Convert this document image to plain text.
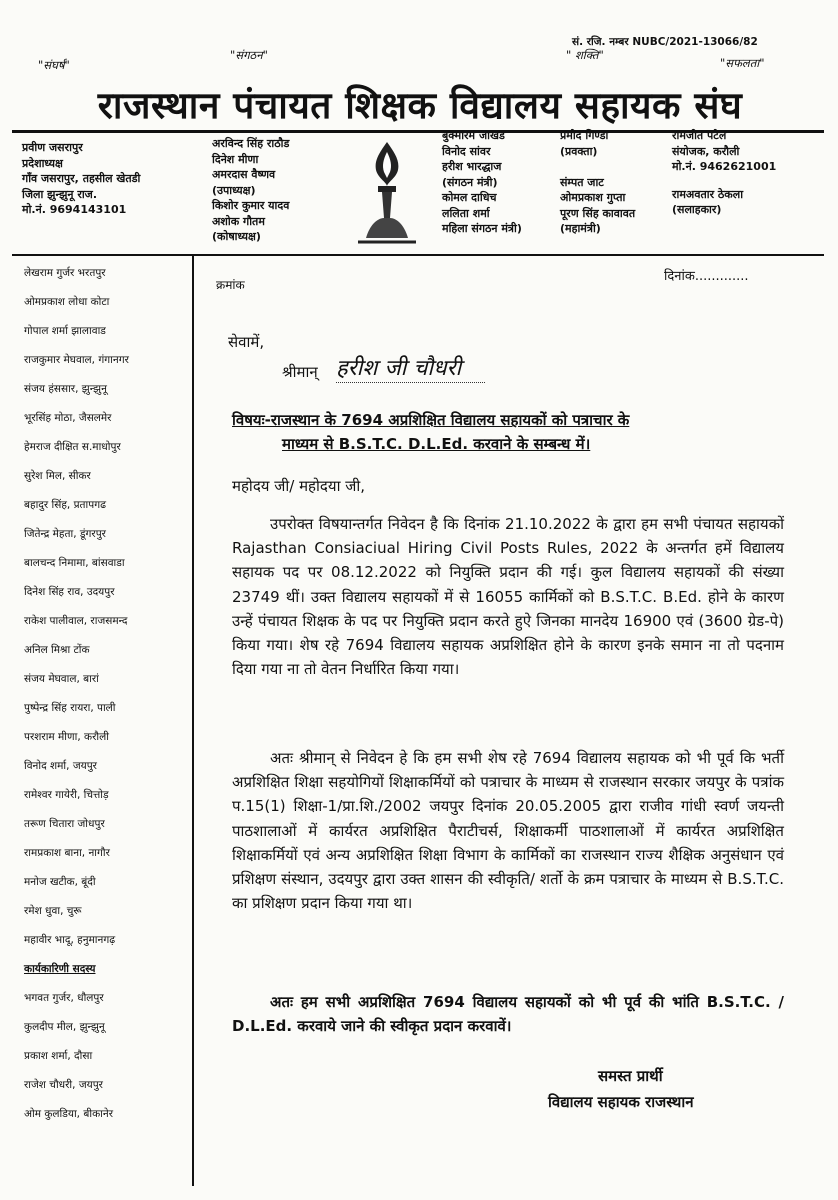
सं. रजि. नम्बर NUBC/2021-13066/82
"संघर्ष"
"संगठन"	" शक्ति"
"सफलता"
राजस्थान पंचायत शिक्षक विद्यालय सहायक संघ
प्रवीण जसरापुर
प्रदेशाध्यक्ष
गाँव जसरापुर, तहसील खेतडी
जिला झुन्झुनू राज.
मो.नं. 9694143101
अरविन्द सिंह राठौड
दिनेश मीणा
अमरदास वैष्णव
(उपाध्यक्ष)
किशोर कुमार यादव
अशोक गौतम
(कोषाध्यक्ष)
बुक्मारम जाखड
विनोद सांवर
हरीश भारद्धाज
(संगठन मंत्री)
कोमल दाधिच
ललिता शर्मा
महिला संगठन मंत्री)
प्रमोद गिण्डा
(प्रवक्ता)
संम्पत जाट
ओमप्रकाश गुप्ता
पूरण सिंह कावावत
(महामंत्री)
रामजीत पटेल
संयोजक, करौली
मो.नं. 9462621001
रामअवतार ठेकला
(सलाहकार)
लेखराम गुर्जर भरतपुर
ओमप्रकाश लोधा कोटा
गोपाल शर्मा झालावाड
राजकुमार मेघवाल, गंगानगर
संजय हंससार, झुन्झुनू
भूरसिंह मोठा, जैसलमेर
हेमराज दीक्षित स.माधोपुर
सुरेश मिल, सीकर
बहादुर सिंह, प्रतापगढ
जितेन्द्र मेहता, डूंगरपुर
बालचन्द निमामा, बांसवाडा
दिनेश सिंह राव, उदयपुर
राकेश पालीवाल, राजसमन्द
अनिल मिश्रा टोंक
संजय मेघवाल, बारां
पुष्पेन्द्र सिंह रायरा, पाली
परशराम मीणा, करौली
विनोद शर्मा, जयपुर
रामेश्वर गायेरी, चित्तोड़
तरूण चितारा जोधपुर
रामप्रकाश बाना, नागौर
मनोज खटीक, बूंदी
रमेश धुवा, चुरू
महावीर भादू, हनुमानगढ़
कार्यकारिणी सदस्य
भगवत गुर्जर, धौलपुर
कुलदीप मील, झुन्झुनू
प्रकाश शर्मा, दौसा
राजेश चौधरी, जयपुर
ओम कुलडिया, बीकानेर
क्रमांक
दिनांक.............
सेवामें,
श्रीमान् हरीश जी चौधरी
विषयः-राजस्थान के 7694 अप्रशिक्षित विद्यालय सहायकों को पत्राचार के
माध्यम से B.S.T.C. D.L.Ed. करवाने के सम्बन्ध में।
महोदय जी/ महोदया जी,
उपरोक्त विषयान्तर्गत निवेदन है कि दिनांक 21.10.2022 के द्वारा हम सभी पंचायत सहायकों Rajasthan Consiaciual Hiring Civil Posts Rules, 2022 के अन्तर्गत हमें विद्यालय सहायक पद पर 08.12.2022 को नियुक्ति प्रदान की गई। कुल विद्यालय सहायकों की संख्या 23749 थीं। उक्त विद्यालय सहायकों में से 16055 कार्मिकों को B.S.T.C. B.Ed. होने के कारण उन्हें पंचायत शिक्षक के पद पर नियुक्ति प्रदान करते हुऐ जिनका मानदेय 16900 एवं (3600 ग्रेड-पे) किया गया। शेष रहे 7694 विद्यालय सहायक अप्रशिक्षित होने के कारण इनके समान ना तो पदनाम दिया गया ना तो वेतन निर्धारित किया गया।
अतः श्रीमान् से निवेदन हे कि हम सभी शेष रहे 7694 विद्यालय सहायक को भी पूर्व कि भर्ती अप्रशिक्षित शिक्षा सहयोगियों शिक्षाकर्मियों को पत्राचार के माध्यम से राजस्थान सरकार जयपुर के पत्रांक प.15(1) शिक्षा-1/प्रा.शि./2002 जयपुर दिनांक 20.05.2005 द्वारा राजीव गांधी स्वर्ण जयन्ती पाठशालाओं में कार्यरत अप्रशिक्षित पैराटीचर्स, शिक्षाकर्मी पाठशालाओं में कार्यरत अप्रशिक्षित शिक्षाकर्मियों एवं अन्य अप्रशिक्षित शिक्षा विभाग के कार्मिकों का राजस्थान राज्य शैक्षिक अनुसंधान एवं प्रशिक्षण संस्थान, उदयपुर द्वारा उक्त शासन की स्वीकृति/ शर्तो के क्रम पत्राचार के माध्यम से B.S.T.C. का प्रशिक्षण प्रदान किया गया था।
अतः हम सभी अप्रशिक्षित 7694 विद्यालय सहायकों को भी पूर्व की भांति B.S.T.C. / D.L.Ed. करवाये जाने की स्वीकृत प्रदान करवावें।
समस्त प्रार्थी
विद्यालय सहायक राजस्थान
